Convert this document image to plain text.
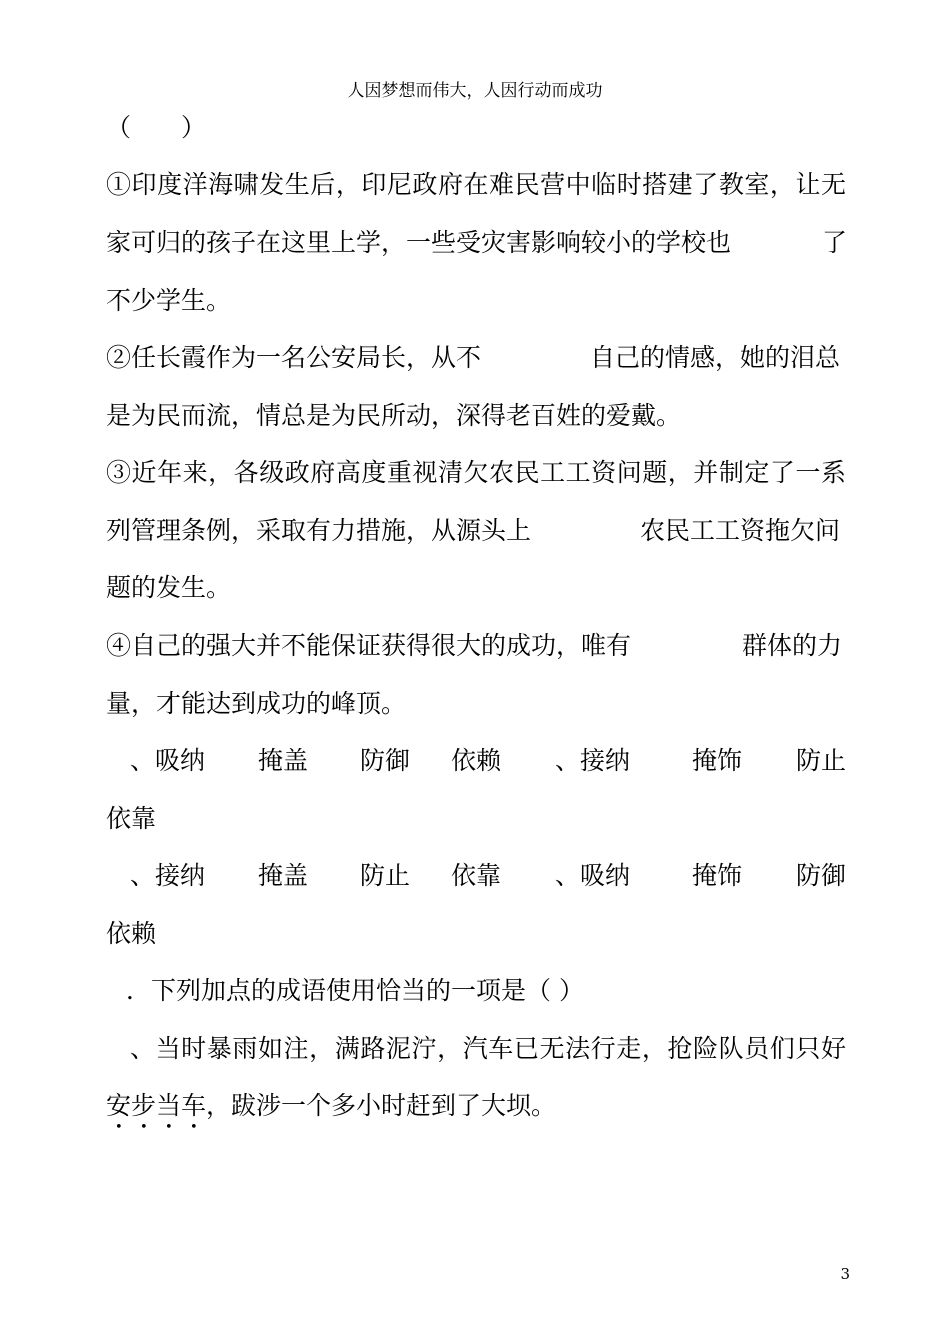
人因梦想而伟大，人因行动而成功
（　　）
①印度洋海啸发生后，印尼政府在难民营中临时搭建了教室，让无
家可归的孩子在这里上学，一些受灾害影响较小的学校也	了
不少学生。
②任长霞作为一名公安局长，从不	自己的情感，她的泪总
是为民而流，情总是为民所动，深得老百姓的爱戴。
③近年来，各级政府高度重视清欠农民工工资问题，并制定了一系
列管理条例，采取有力措施，从源头上	农民工工资拖欠问
题的发生。
④自己的强大并不能保证获得很大的成功，唯有	群体的力
量，才能达到成功的峰顶。
、吸纳 掩盖 防御 依赖 、接纳 掩饰 防止
依靠
、接纳 掩盖 防止 依靠 、吸纳 掩饰 防御
依赖
．下列加点的成语使用恰当的一项是（ ）
、当时暴雨如注，满路泥泞，汽车已无法行走，抢险队员们只好
安步当车，跋涉一个多小时赶到了大坝。
3
